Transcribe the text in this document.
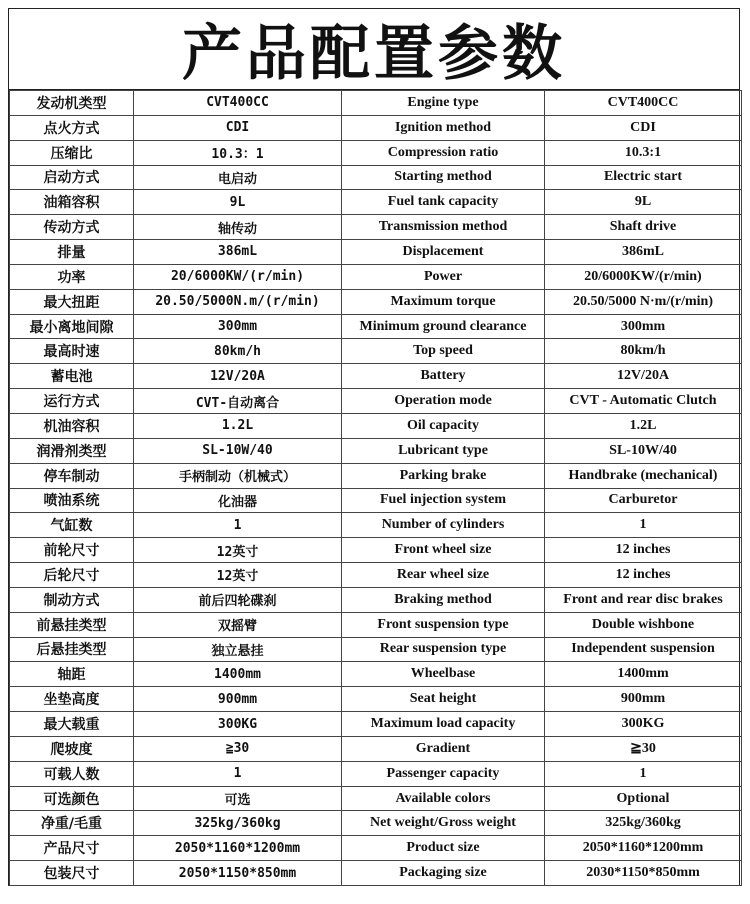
产品配置参数
发动机类型	CVT400CC	Engine type	CVT400CC
点火方式	CDI	Ignition method	CDI
压缩比	10.3：1	Compression ratio	10.3:1
启动方式	电启动	Starting method	Electric start
油箱容积	9L	Fuel tank capacity	9L
传动方式	轴传动	Transmission method	Shaft drive
排量	386mL	Displacement	386mL
功率	20/6000KW/(r/min)	Power	20/6000KW/(r/min)
最大扭距	20.50/5000N.m/(r/min)	Maximum torque	20.50/5000 N·m/(r/min)
最小离地间隙	300mm	Minimum ground clearance	300mm
最高时速	80km/h	Top speed	80km/h
蓄电池	12V/20A	Battery	12V/20A
运行方式	CVT-自动离合	Operation mode	CVT - Automatic Clutch
机油容积	1.2L	Oil capacity	1.2L
润滑剂类型	SL-10W/40	Lubricant type	SL-10W/40
停车制动	手柄制动（机械式）	Parking brake	Handbrake (mechanical)
喷油系统	化油器	Fuel injection system	Carburetor
气缸数	1	Number of cylinders	1
前轮尺寸	12英寸	Front wheel size	12 inches
后轮尺寸	12英寸	Rear wheel size	12 inches
制动方式	前后四轮碟刹	Braking method	Front and rear disc brakes
前悬挂类型	双摇臂	Front suspension type	Double wishbone
后悬挂类型	独立悬挂	Rear suspension type	Independent suspension
轴距	1400mm	Wheelbase	1400mm
坐垫高度	900mm	Seat height	900mm
最大载重	300KG	Maximum load capacity	300KG
爬坡度	≧30	Gradient	≧30
可载人数	1	Passenger capacity	1
可选颜色	可选	Available colors	Optional
净重/毛重	325kg/360kg	Net weight/Gross weight	325kg/360kg
产品尺寸	2050*1160*1200mm	Product size	2050*1160*1200mm
包装尺寸	2050*1150*850mm	Packaging size	2030*1150*850mm
